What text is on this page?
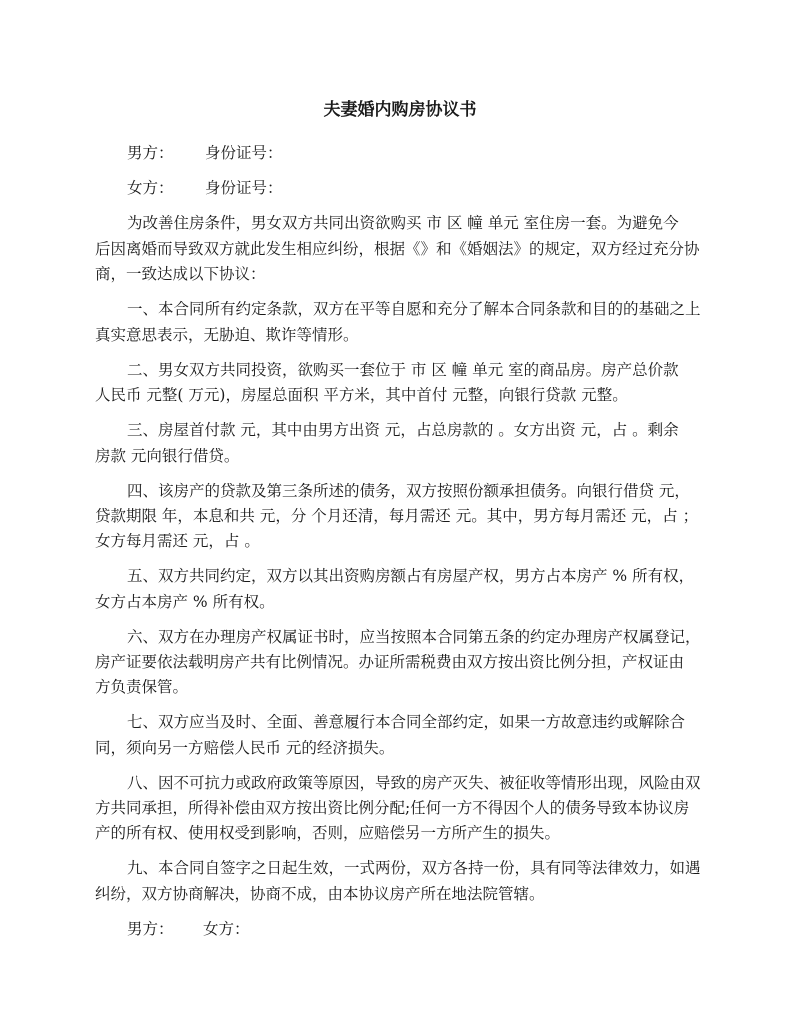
夫妻婚内购房协议书
男方： 身份证号：
女方： 身份证号：
为改善住房条件，男女双方共同出资欲购买 市 区 幢 单元 室住房一套。为避免今
后因离婚而导致双方就此发生相应纠纷，根据《》和《婚姻法》的规定，双方经过充分协
商，一致达成以下协议：
一、本合同所有约定条款，双方在平等自愿和充分了解本合同条款和目的的基础之上
真实意思表示，无胁迫、欺诈等情形。
二、男女双方共同投资，欲购买一套位于 市 区 幢 单元 室的商品房。房产总价款
人民币 元整( 万元)，房屋总面积 平方米，其中首付 元整，向银行贷款 元整。
三、房屋首付款 元，其中由男方出资 元，占总房款的 。女方出资 元，占 。剩余
房款 元向银行借贷。
四、该房产的贷款及第三条所述的债务，双方按照份额承担债务。向银行借贷 元，
贷款期限 年，本息和共 元，分 个月还清，每月需还 元。其中，男方每月需还 元，占 ；
女方每月需还 元，占 。
五、双方共同约定，双方以其出资购房额占有房屋产权，男方占本房产 % 所有权，
女方占本房产 % 所有权。
六、双方在办理房产权属证书时，应当按照本合同第五条的约定办理房产权属登记，
房产证要依法载明房产共有比例情况。办证所需税费由双方按出资比例分担，产权证由
方负责保管。
七、双方应当及时、全面、善意履行本合同全部约定，如果一方故意违约或解除合
同，须向另一方赔偿人民币 元的经济损失。
八、因不可抗力或政府政策等原因，导致的房产灭失、被征收等情形出现，风险由双
方共同承担，所得补偿由双方按出资比例分配;任何一方不得因个人的债务导致本协议房
产的所有权、使用权受到影响，否则，应赔偿另一方所产生的损失。
九、本合同自签字之日起生效，一式两份，双方各持一份，具有同等法律效力，如遇
纠纷，双方协商解决，协商不成，由本协议房产所在地法院管辖。
男方： 女方：
